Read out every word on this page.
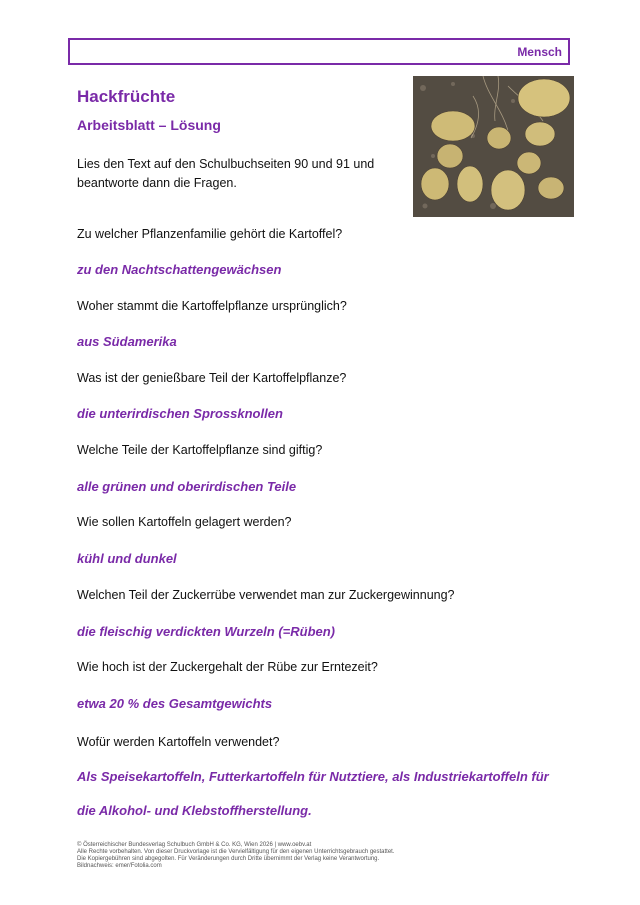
Mensch
Hackfrüchte
Arbeitsblatt – Lösung
Lies den Text auf den Schulbuchseiten 90 und 91 und beantworte dann die Fragen.
Zu welcher Pflanzenfamilie gehört die Kartoffel?
zu den Nachtschattengewächsen
Woher stammt die Kartoffelpflanze ursprünglich?
aus Südamerika
Was ist der genießbare Teil der Kartoffelpflanze?
die unterirdischen Sprossknollen
Welche Teile der Kartoffelpflanze sind giftig?
alle grünen und oberirdischen Teile
Wie sollen Kartoffeln gelagert werden?
kühl und dunkel
Welchen Teil der Zuckerrübe verwendet man zur Zuckergewinnung?
die fleischig verdickten Wurzeln (=Rüben)
Wie hoch ist der Zuckergehalt der Rübe zur Erntezeit?
etwa 20 % des Gesamtgewichts
Wofür werden Kartoffeln verwendet?
Als Speisekartoffeln, Futterkartoffeln für Nutztiere, als Industriekartoffeln für die Alkohol- und Klebstoffherstellung.
© Österreichischer Bundesverlag Schulbuch GmbH & Co. KG, Wien 2026 | www.oebv.at
Alle Rechte vorbehalten. Von dieser Druckvorlage ist die Vervielfältigung für den eigenen Unterrichtsgebrauch gestattet.
Die Kopiergebühren sind abgegolten. Für Veränderungen durch Dritte übernimmt der Verlag keine Verantwortung.
Bildnachweis: emer/Fotolia.com
